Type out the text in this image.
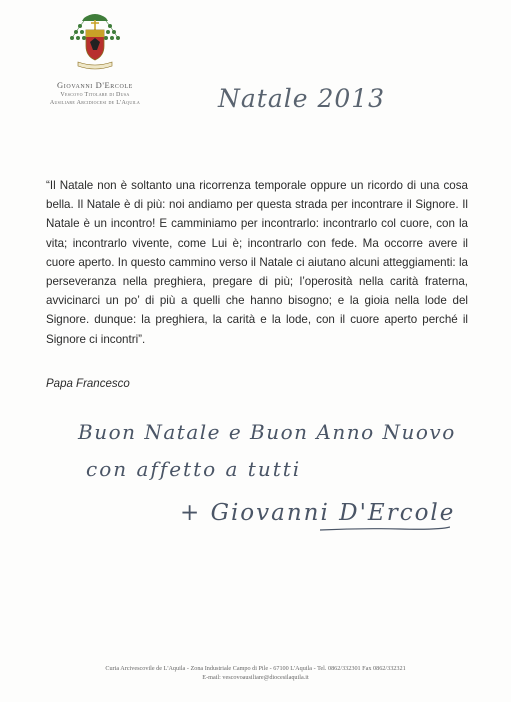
Giovanni D'Ercole
Vescovo Titolare di Dusa
Ausiliare Arcidiocesi de L'Aquila	Natale 2013
“Il Natale non è soltanto una ricorrenza temporale oppure un ricordo di una cosa bella. Il Natale è di più: noi andiamo per questa strada per incontrare il Signore. Il Natale è un incontro! E camminiamo per incontrarlo: incontrarlo col cuore, con la vita; incontrarlo vivente, come Lui è; incontrarlo con fede. Ma occorre avere il cuore aperto. In questo cammino verso il Natale ci aiutano alcuni atteggiamenti: la perseveranza nella preghiera, pregare di più; l’operosità nella carità fraterna, avvicinarci un po’ di più a quelli che hanno bisogno; e la gioia nella lode del Signore. dunque: la preghiera, la carità e la lode, con il cuore aperto perché il Signore ci incontri”.
Papa Francesco
Buon Natale e Buon Anno Nuovo
con affetto a tutti
+ Giovanni D'Ercole
Curia Arcivescovile de L'Aquila - Zona Industriale Campo di Pile - 67100 L'Aquila - Tel. 0862/332301 Fax 0862/332321
E-mail: vescovoausiliare@diocesilaquila.it
